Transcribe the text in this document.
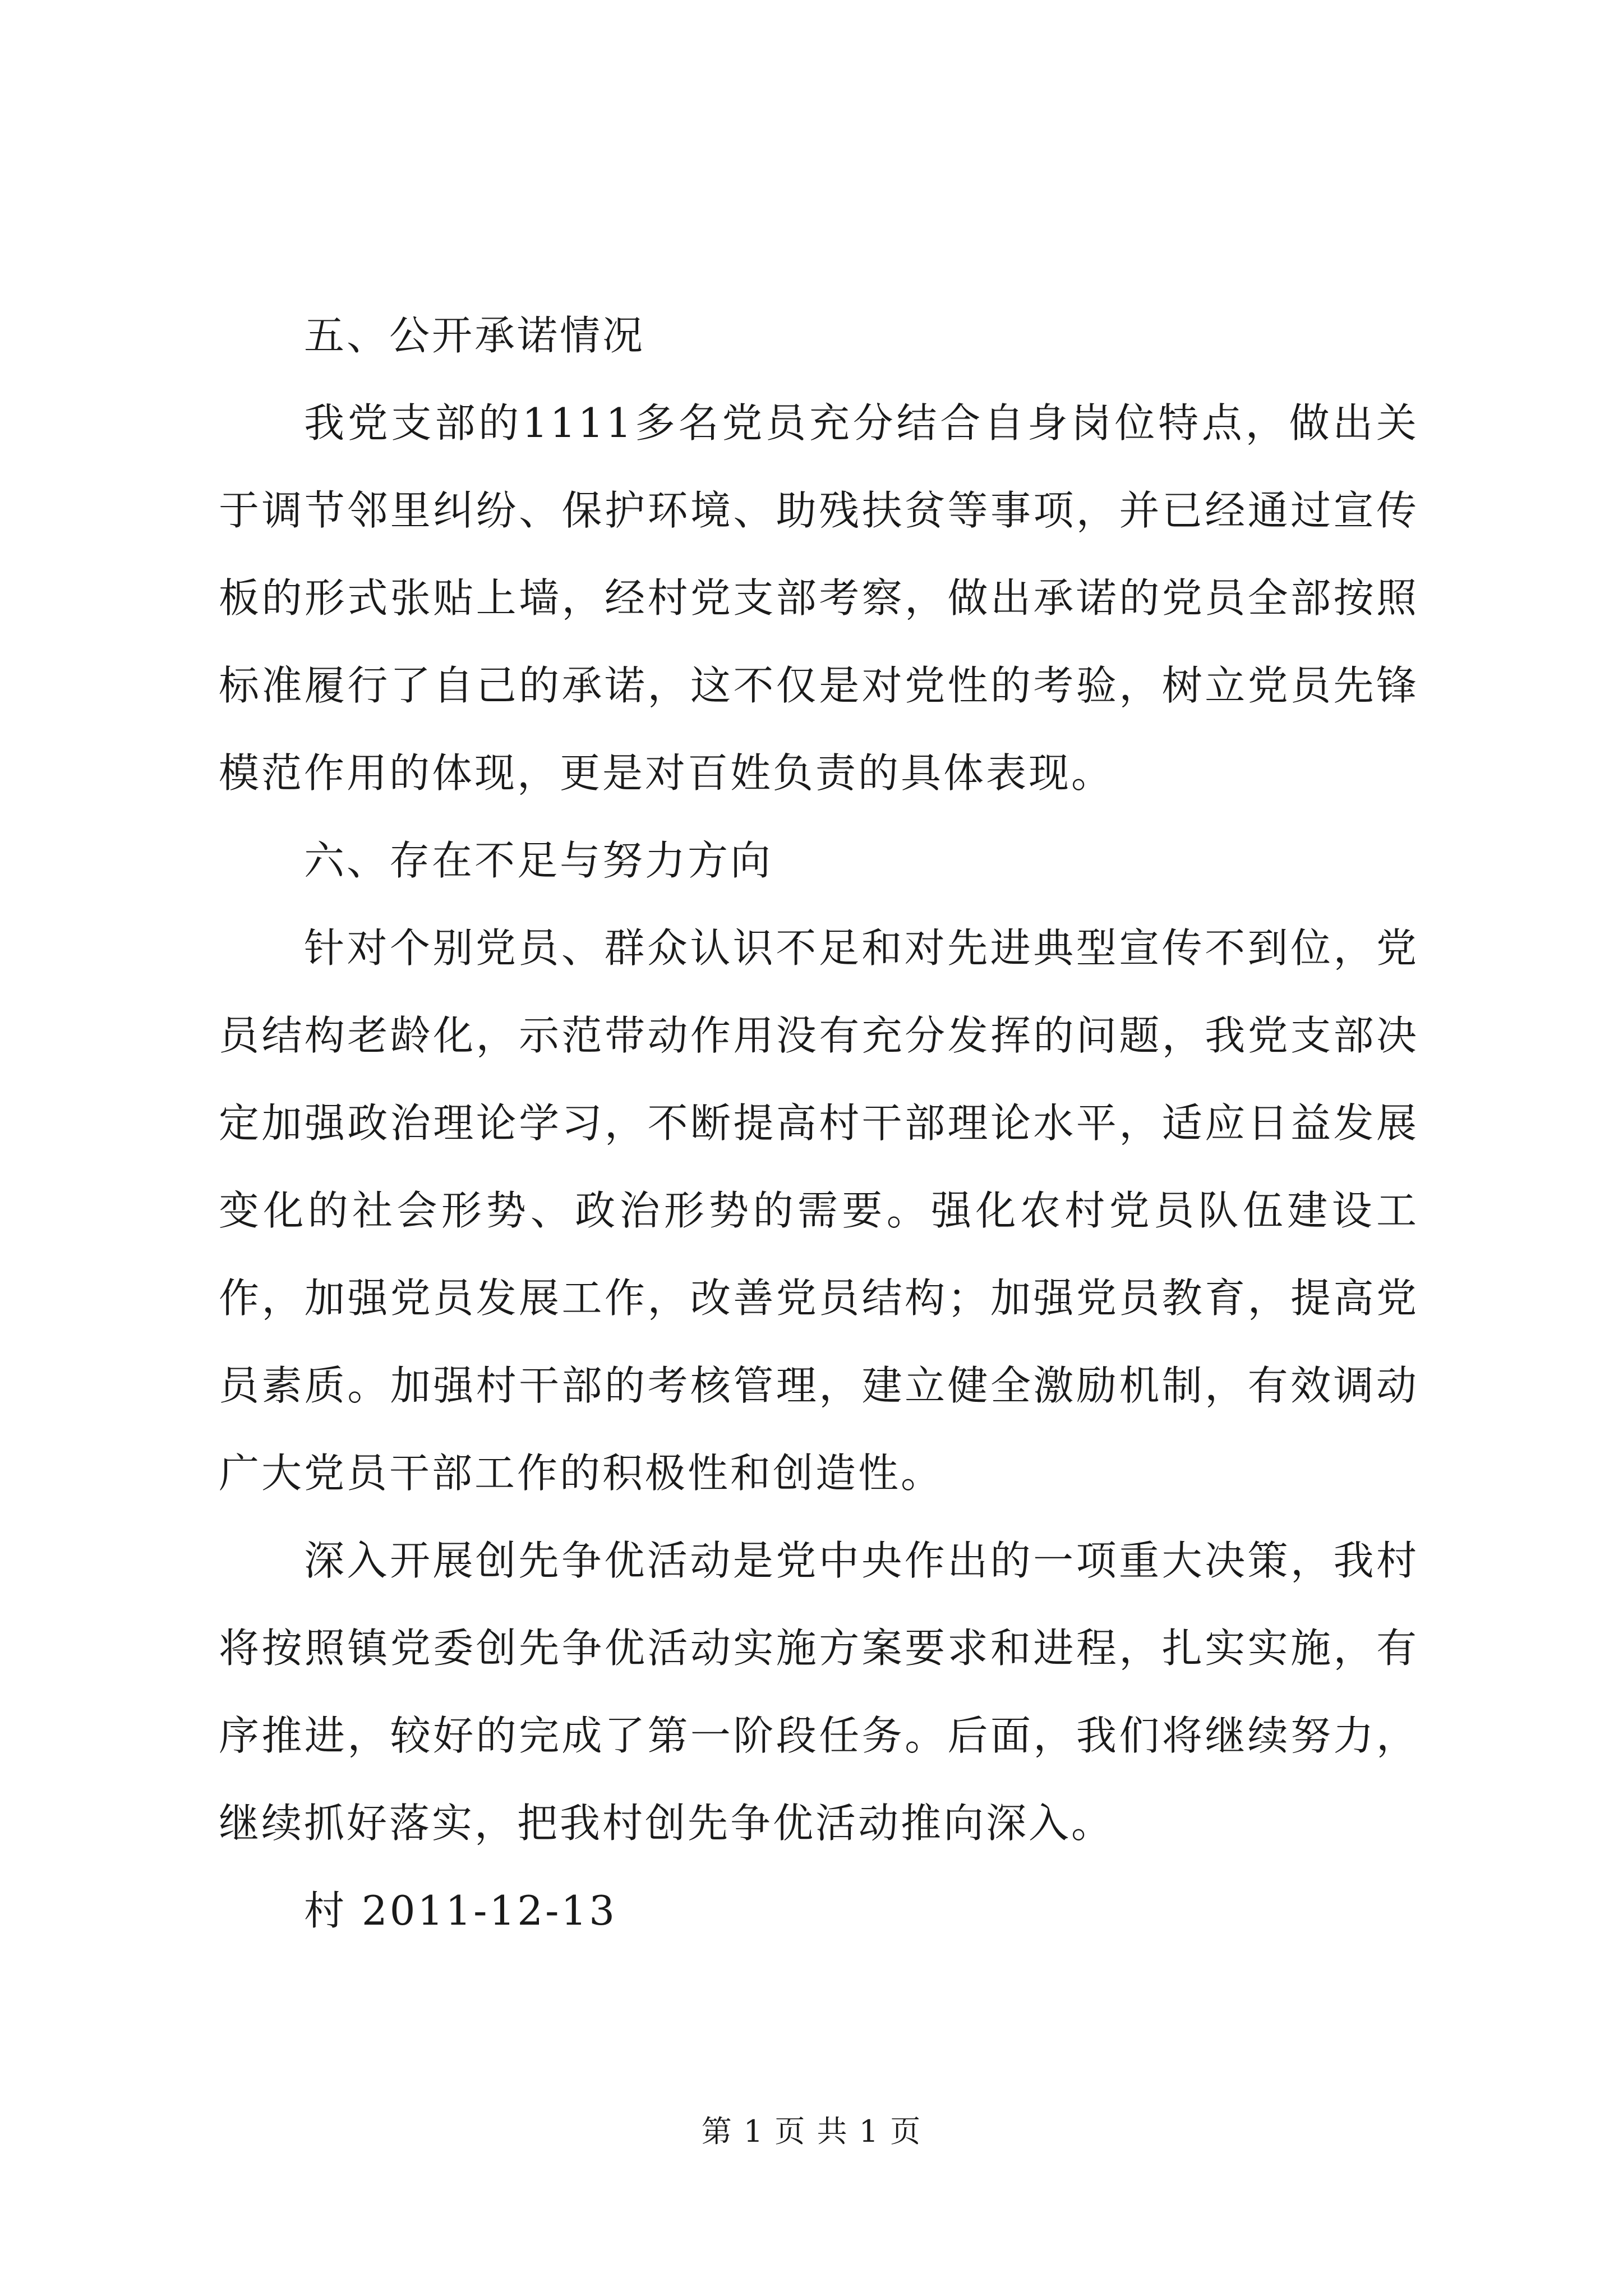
五、公开承诺情况

我党支部的1111多名党员充分结合自身岗位特点，做出关于调节邻里纠纷、保护环境、助残扶贫等事项，并已经通过宣传板的形式张贴上墙，经村党支部考察，做出承诺的党员全部按照标准履行了自己的承诺，这不仅是对党性的考验，树立党员先锋模范作用的体现，更是对百姓负责的具体表现。

六、存在不足与努力方向

针对个别党员、群众认识不足和对先进典型宣传不到位，党员结构老龄化，示范带动作用没有充分发挥的问题，我党支部决定加强政治理论学习，不断提高村干部理论水平，适应日益发展变化的社会形势、政治形势的需要。强化农村党员队伍建设工作，加强党员发展工作，改善党员结构；加强党员教育，提高党员素质。加强村干部的考核管理，建立健全激励机制，有效调动广大党员干部工作的积极性和创造性。

深入开展创先争优活动是党中央作出的一项重大决策，我村将按照镇党委创先争优活动实施方案要求和进程，扎实实施，有序推进，较好的完成了第一阶段任务。后面，我们将继续努力，继续抓好落实，把我村创先争优活动推向深入。

村 2011-12-13

第 1 页 共 1 页
